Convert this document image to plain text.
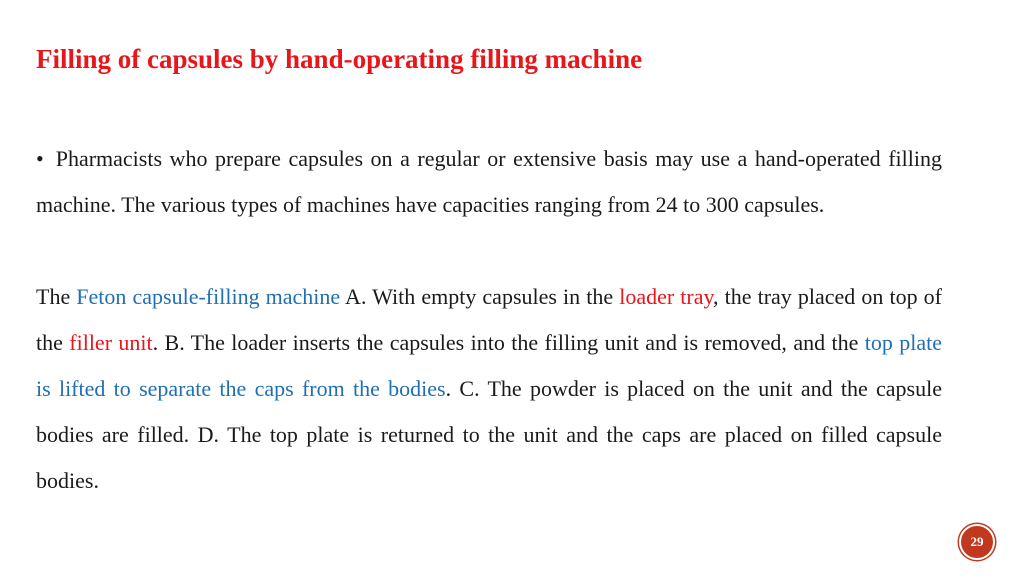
Filling of capsules by hand-operating filling machine

• Pharmacists who prepare capsules on a regular or extensive basis may use a hand-operated filling machine. The various types of machines have capacities ranging from 24 to 300 capsules.

The Feton capsule-filling machine A. With empty capsules in the loader tray, the tray placed on top of the filler unit. B. The loader inserts the capsules into the filling unit and is removed, and the top plate is lifted to separate the caps from the bodies. C. The powder is placed on the unit and the capsule bodies are filled. D. The top plate is returned to the unit and the caps are placed on filled capsule bodies.

29
